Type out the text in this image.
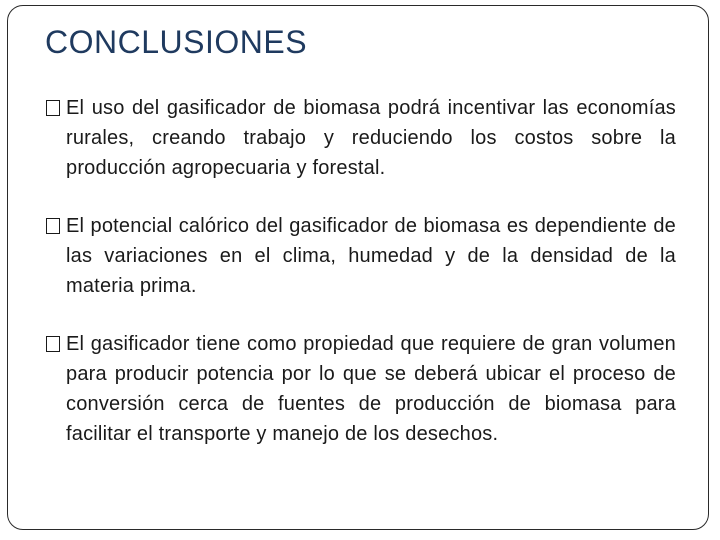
CONCLUSIONES
El uso del gasificador de biomasa podrá incentivar las economías rurales, creando trabajo y reduciendo los costos sobre la producción agropecuaria y forestal.
El potencial calórico del gasificador de biomasa es dependiente de las variaciones en el clima, humedad y de la densidad de la materia prima.
El gasificador tiene como propiedad que requiere de gran volumen para producir potencia por lo que se deberá ubicar el proceso de conversión cerca de fuentes de producción de biomasa para facilitar el transporte y manejo de los desechos.
